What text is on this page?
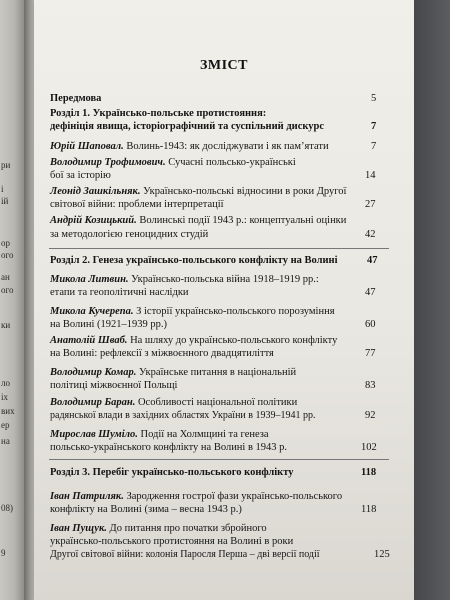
ри
і
ій
ор
ого
ан
ого
ки
ло
іх
вих
ер
на
08)
9
ЗМІСТ
Передмова	5
Розділ 1. Українсько-польське протистояння:
дефініція явища, історіографічний та суспільний дискурс	7
Юрій Шаповал. Волинь-1943: як досліджувати і як пам’ятати	7
Володимир Трофимович. Сучасні польсько-українські
бої за історію	14
Леонід Зашкільняк. Українсько-польські відносини в роки Другої
світової війни: проблеми інтерпретації	27
Андрій Козицький. Волинські події 1943 р.: концептуальні оцінки
за методологією геноцидних студій	42
Розділ 2. Генеза українсько-польського конфлікту на Волині	47
Микола Литвин. Українсько-польська війна 1918–1919 рр.:
етапи та геополітичні наслідки	47
Микола Кучерепа. З історії українсько-польського порозуміння
на Волині (1921–1939 рр.)	60
Анатолій Шваб. На шляху до українсько-польського конфлікту
на Волині: рефлексії з міжвоєнного двадцятиліття	77
Володимир Комар. Українське питання в національній
політиці міжвоєнної Польщі	83
Володимир Баран. Особливості національної політики
радянської влади в західних областях України в 1939–1941 рр.	92
Мирослав Шуміло. Події на Холмщині та генеза
польсько-українського конфлікту на Волині в 1943 р.	102
Розділ 3. Перебіг українсько-польського конфлікту	118
Іван Патриляк. Зародження гострої фази українсько-польського
конфлікту на Волині (зима – весна 1943 р.)	118
Іван Пущук. До питання про початки збройного
українсько-польського протистояння на Волині в роки
Другої світової війни: колонія Пароcля Перша – дві версії події	125
